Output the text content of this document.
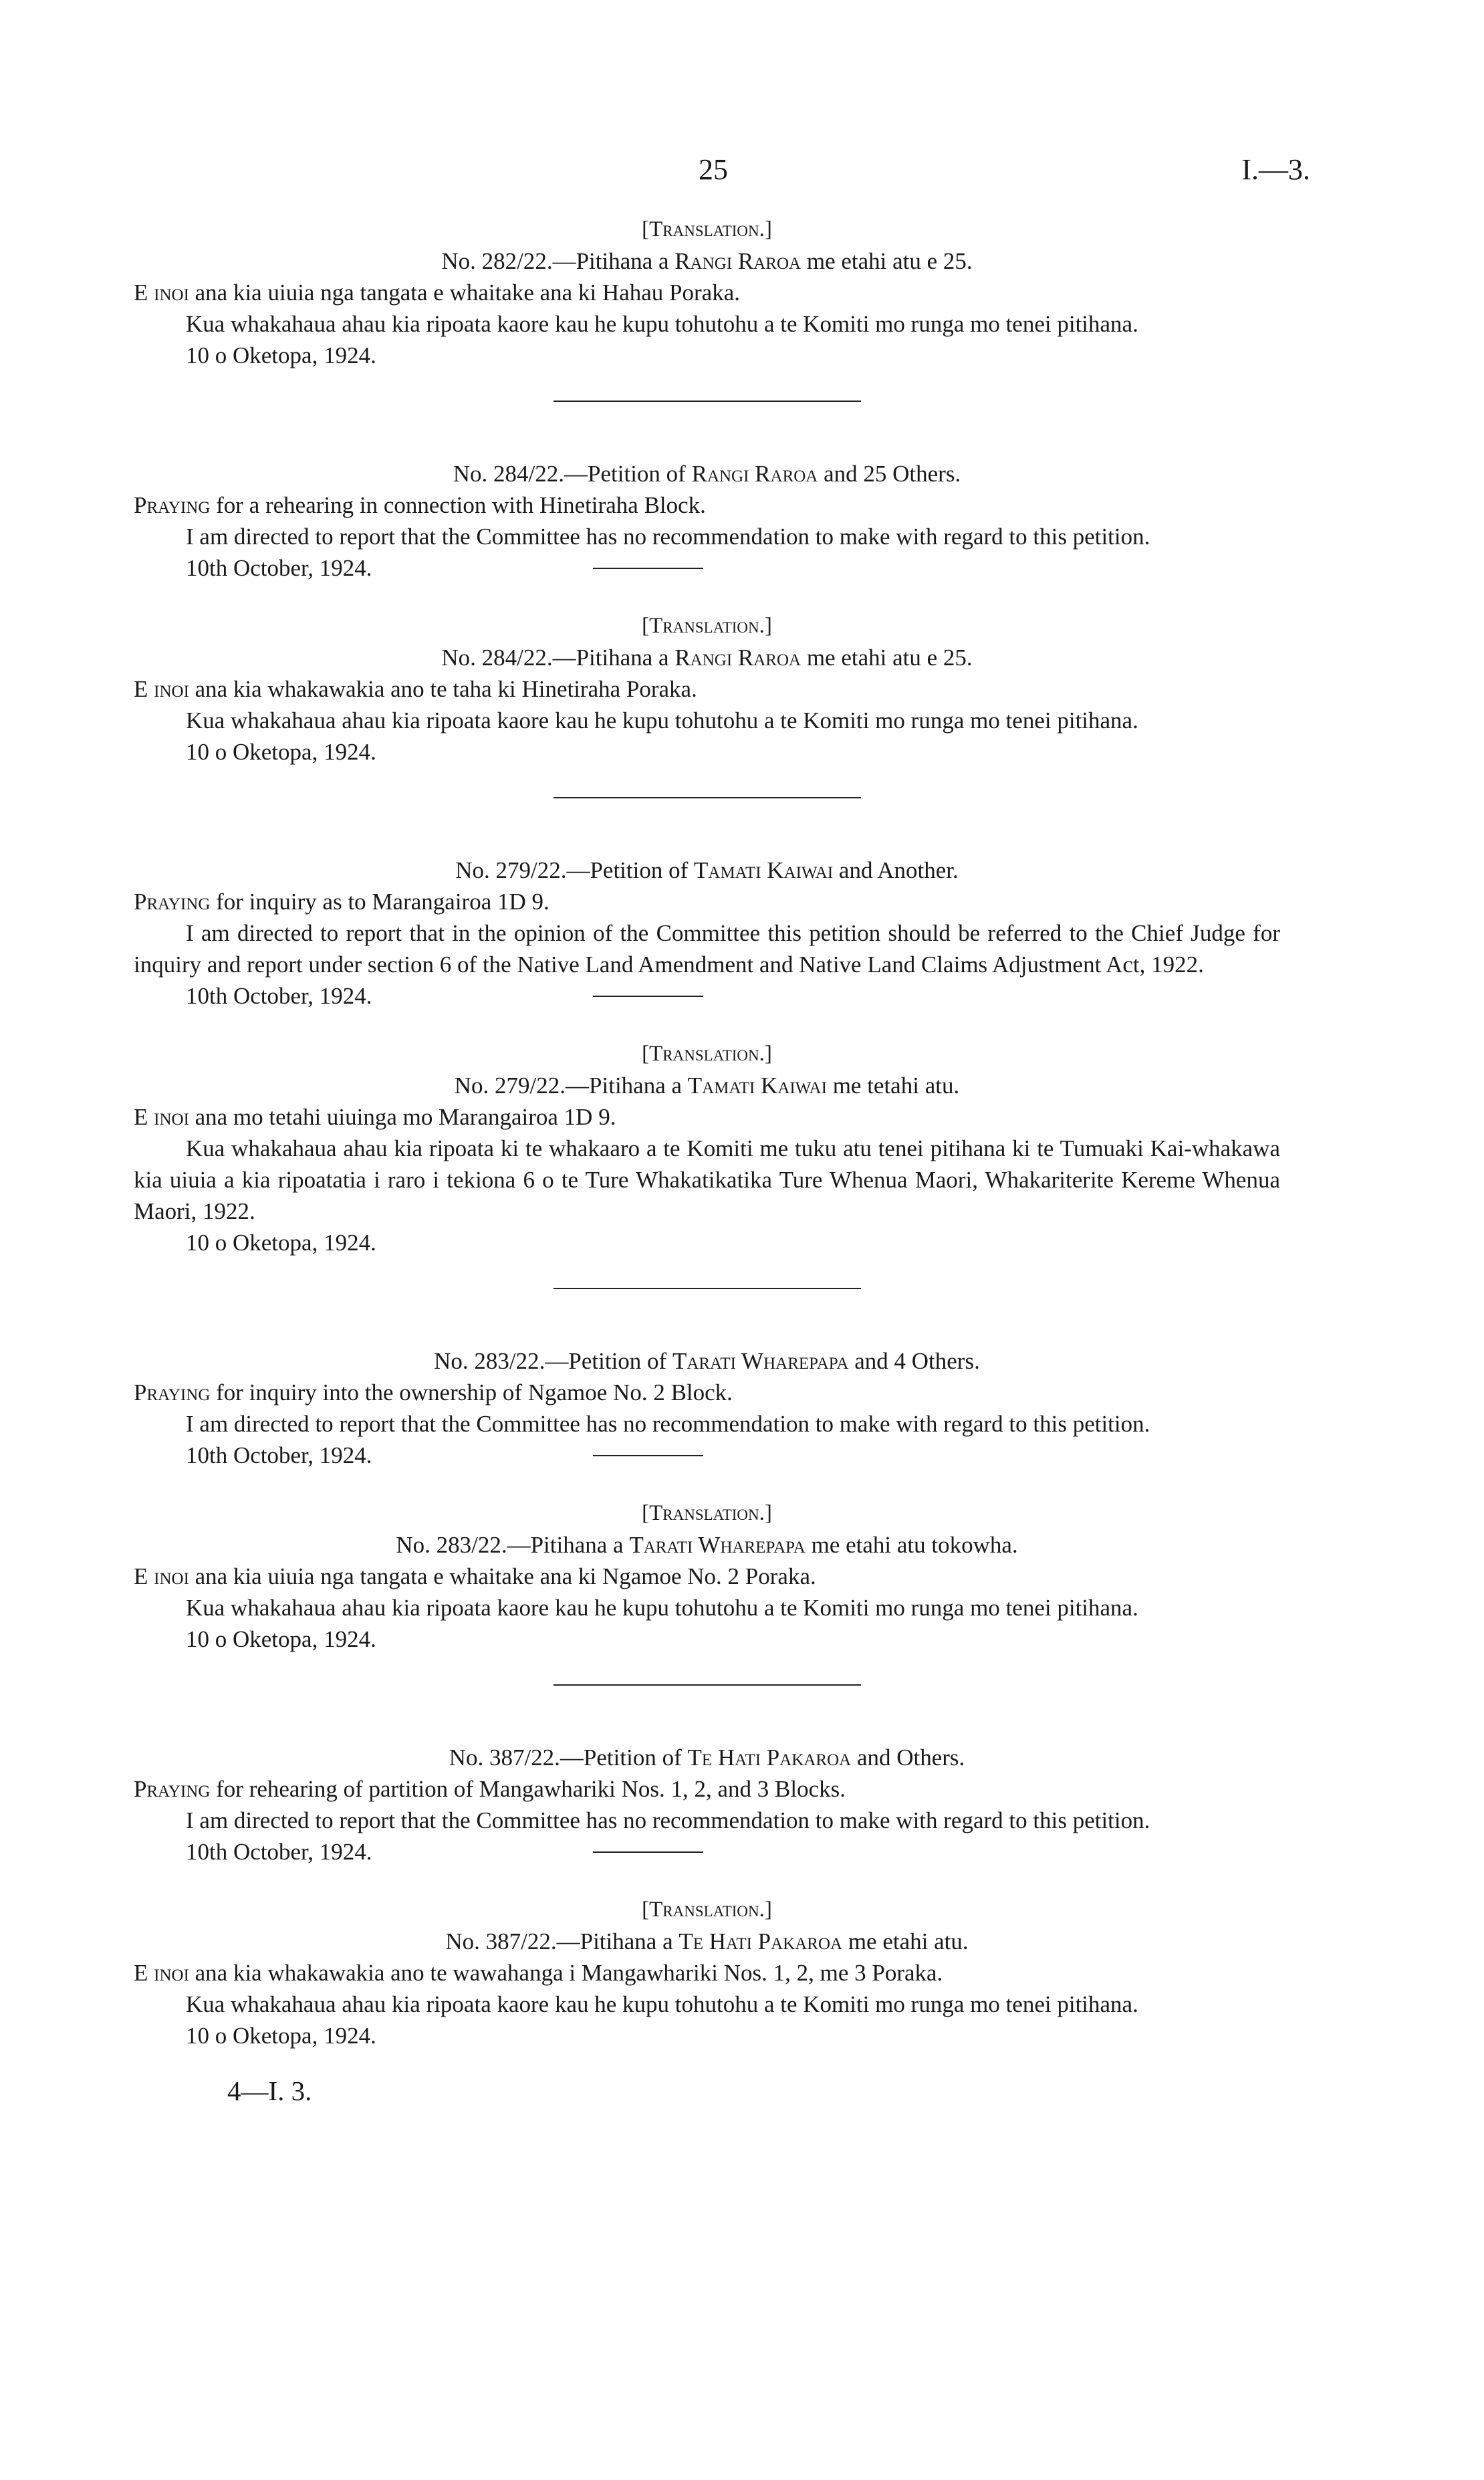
25	I.—3.

[Translation.]

No. 282/22.—Pitihana a Rangi Raroa me etahi atu e 25.

E inoi ana kia uiuia nga tangata e whaitake ana ki Hahau Poraka.

Kua whakahaua ahau kia ripoata kaore kau he kupu tohutohu a te Komiti mo runga mo tenei pitihana.

10 o Oketopa, 1924.

No. 284/22.—Petition of Rangi Raroa and 25 Others.

Praying for a rehearing in connection with Hinetiraha Block.

I am directed to report that the Committee has no recommendation to make with regard to this petition.

10th October, 1924.

[Translation.]

No. 284/22.—Pitihana a Rangi Raroa me etahi atu e 25.

E inoi ana kia whakawakia ano te taha ki Hinetiraha Poraka.

Kua whakahaua ahau kia ripoata kaore kau he kupu tohutohu a te Komiti mo runga mo tenei pitihana.

10 o Oketopa, 1924.

No. 279/22.—Petition of Tamati Kaiwai and Another.

Praying for inquiry as to Marangairoa 1D 9.

I am directed to report that in the opinion of the Committee this petition should be referred to the Chief Judge for inquiry and report under section 6 of the Native Land Amendment and Native Land Claims Adjustment Act, 1922.

10th October, 1924.

[Translation.]

No. 279/22.—Pitihana a Tamati Kaiwai me tetahi atu.

E inoi ana mo tetahi uiuinga mo Marangairoa 1D 9.

Kua whakahaua ahau kia ripoata ki te whakaaro a te Komiti me tuku atu tenei pitihana ki te Tumuaki Kai-whakawa kia uiuia a kia ripoatatia i raro i tekiona 6 o te Ture Whakatikatika Ture Whenua Maori, Whakariterite Kereme Whenua Maori, 1922.

10 o Oketopa, 1924.

No. 283/22.—Petition of Tarati Wharepapa and 4 Others.

Praying for inquiry into the ownership of Ngamoe No. 2 Block.

I am directed to report that the Committee has no recommendation to make with regard to this petition.

10th October, 1924.

[Translation.]

No. 283/22.—Pitihana a Tarati Wharepapa me etahi atu tokowha.

E inoi ana kia uiuia nga tangata e whaitake ana ki Ngamoe No. 2 Poraka.

Kua whakahaua ahau kia ripoata kaore kau he kupu tohutohu a te Komiti mo runga mo tenei pitihana.

10 o Oketopa, 1924.

No. 387/22.—Petition of Te Hati Pakaroa and Others.

Praying for rehearing of partition of Mangawhariki Nos. 1, 2, and 3 Blocks.

I am directed to report that the Committee has no recommendation to make with regard to this petition.

10th October, 1924.

[Translation.]

No. 387/22.—Pitihana a Te Hati Pakaroa me etahi atu.

E inoi ana kia whakawakia ano te wawahanga i Mangawhariki Nos. 1, 2, me 3 Poraka.

Kua whakahaua ahau kia ripoata kaore kau he kupu tohutohu a te Komiti mo runga mo tenei pitihana.

10 o Oketopa, 1924.

4—I. 3.
